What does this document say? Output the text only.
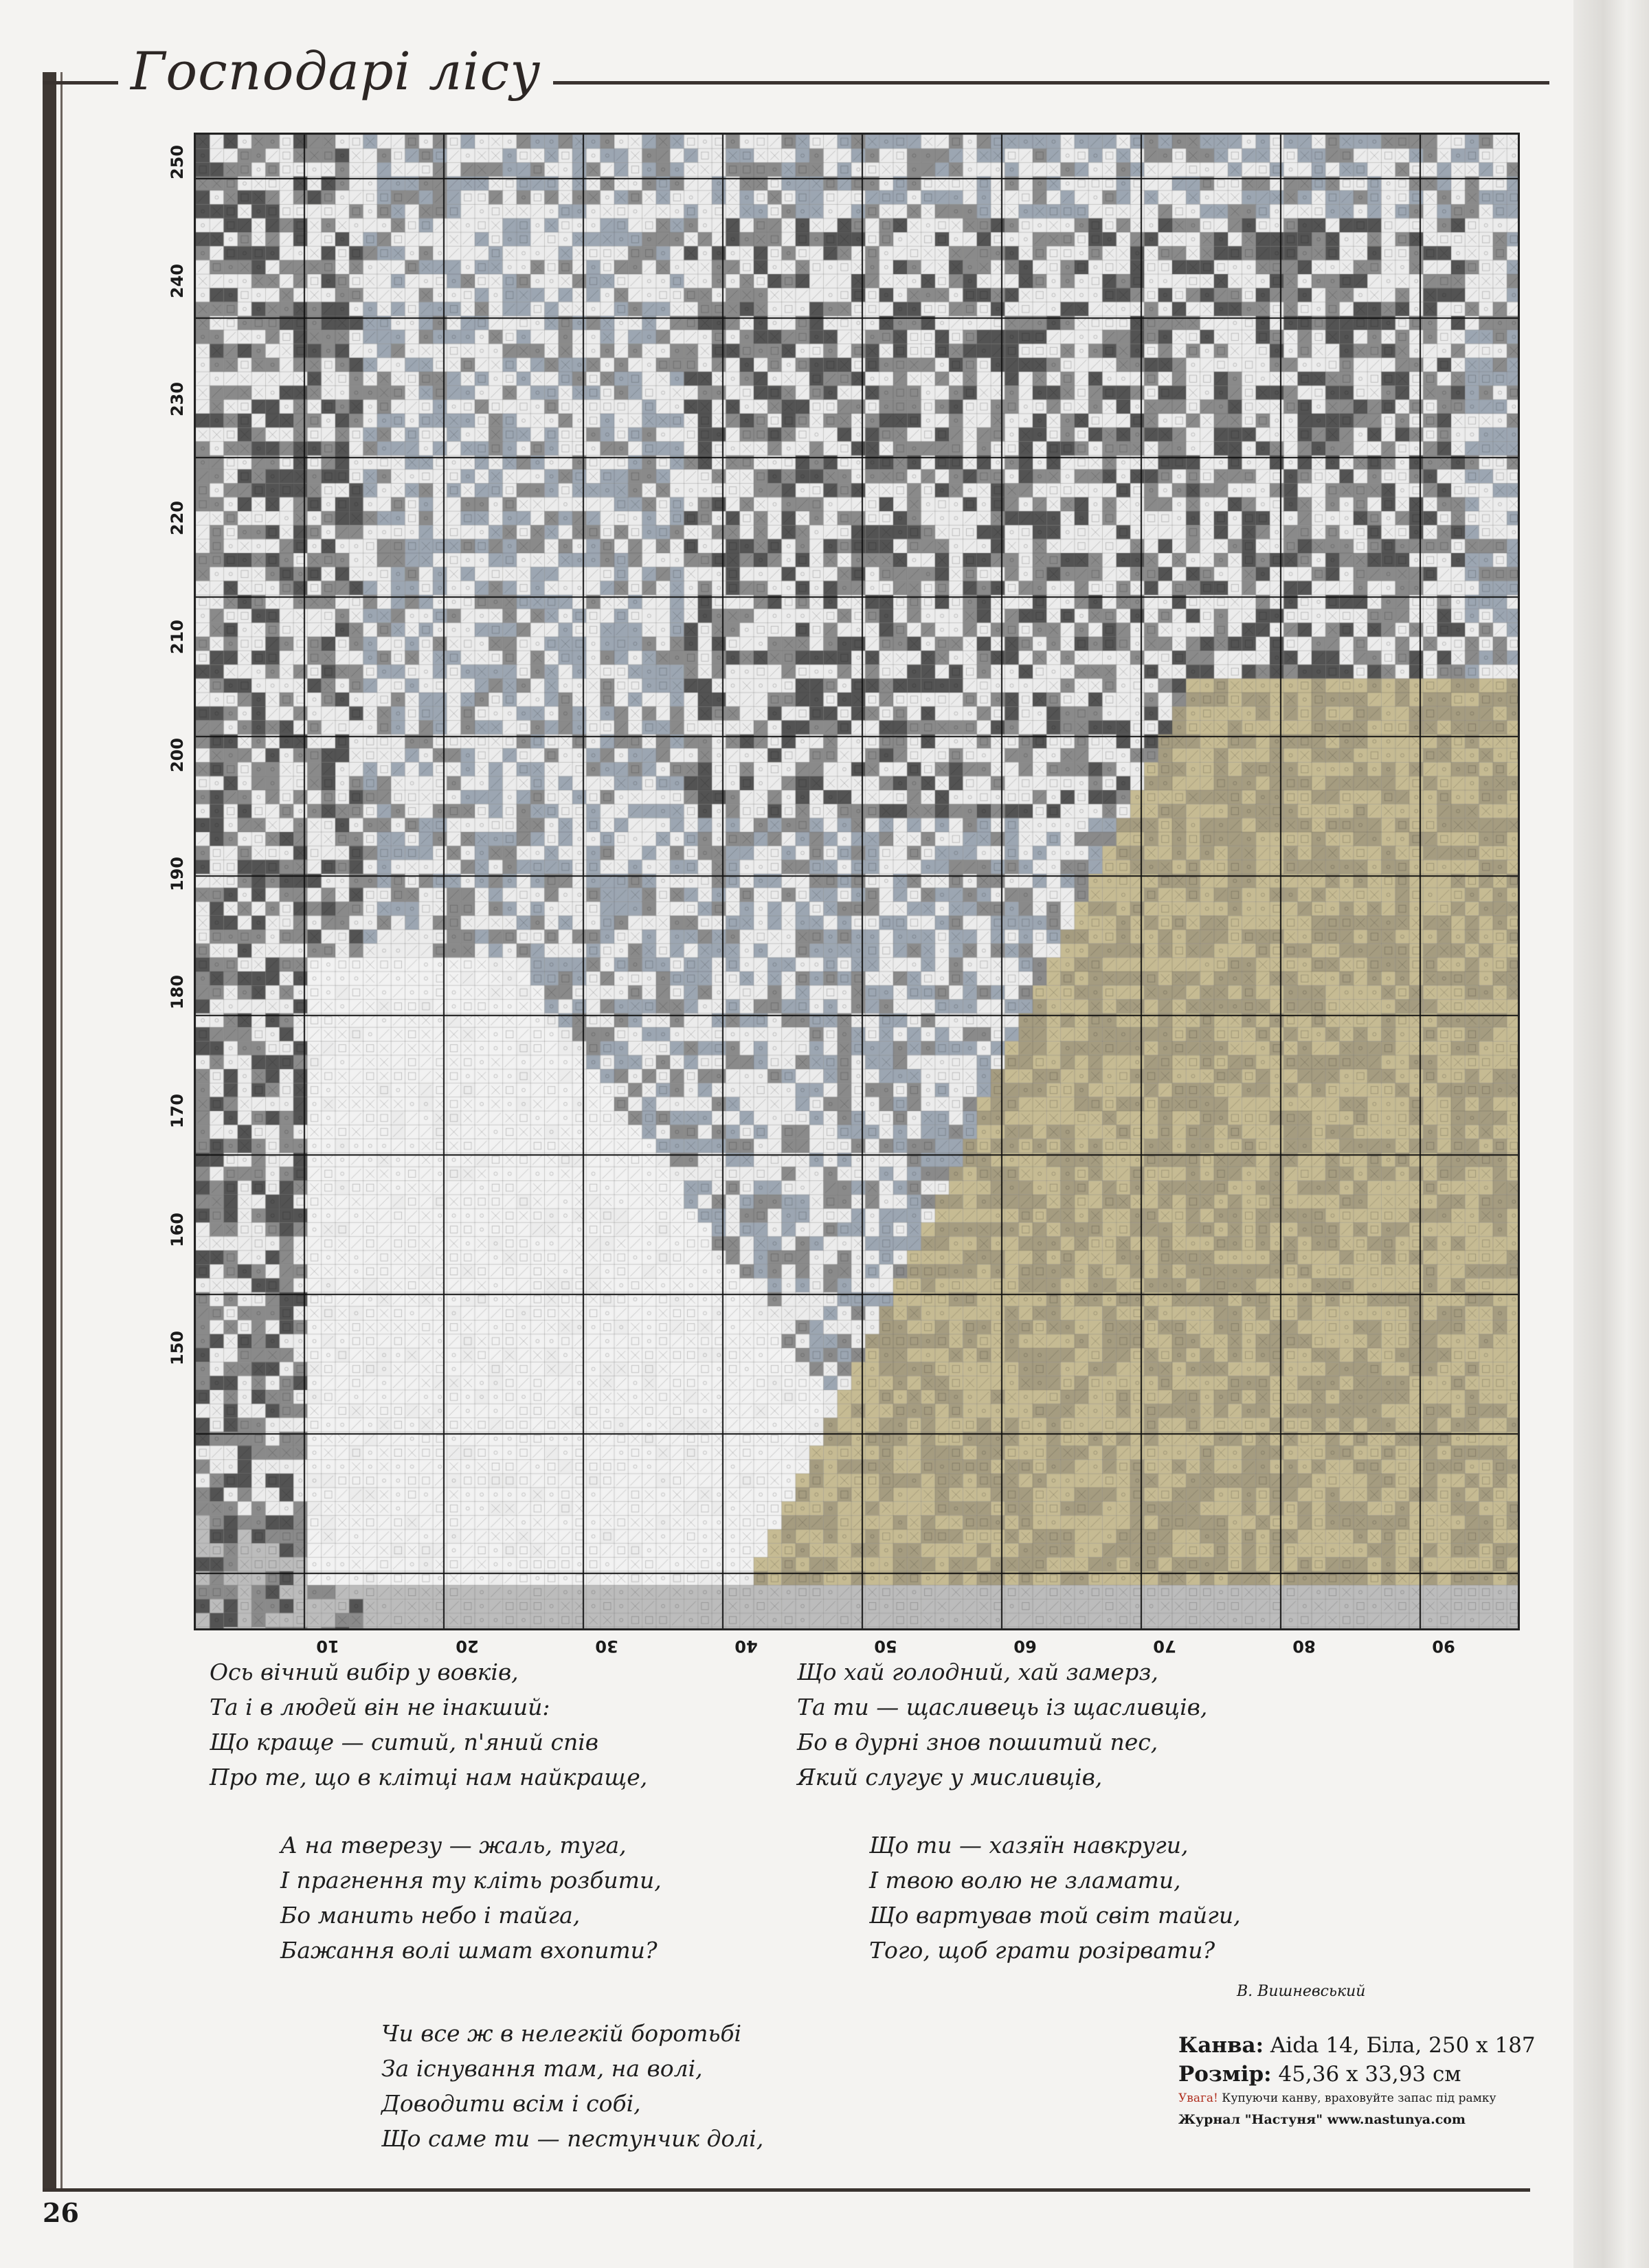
Господарі лісу
250
240
230
220
210
200
190
180
170
160
150
10	20	30	40	50	60	70	80	90
Ось вічний вибір у вовків,
Та і в людей він не інакший:
Що краще — ситий, п'яний спів
Про те, що в клітці нам найкраще,
Що хай голодний, хай замерз,
Та ти — щасливець із щасливців,
Бо в дурні знов пошитий пес,
Який слугує у мисливців,
А на тверезу — жаль, туга,
І прагнення ту кліть розбити,
Бо манить небо і тайга,
Бажання волі шмат вхопити?
Що ти — хазяїн навкруги,
І твою волю не зламати,
Що вартував той світ тайги,
Того, щоб грати розірвати?
В. Вишневський
Чи все ж в нелегкій боротьбі
За існування там, на волі,
Доводити всім і собі,
Що саме ти — пестунчик долі,
Канва: Aida 14, Біла, 250 x 187
Розмір: 45,36 x 33,93 см
Увага! Купуючи канву, враховуйте запас під рамку
Журнал "Настуня" www.nastunya.com
26
